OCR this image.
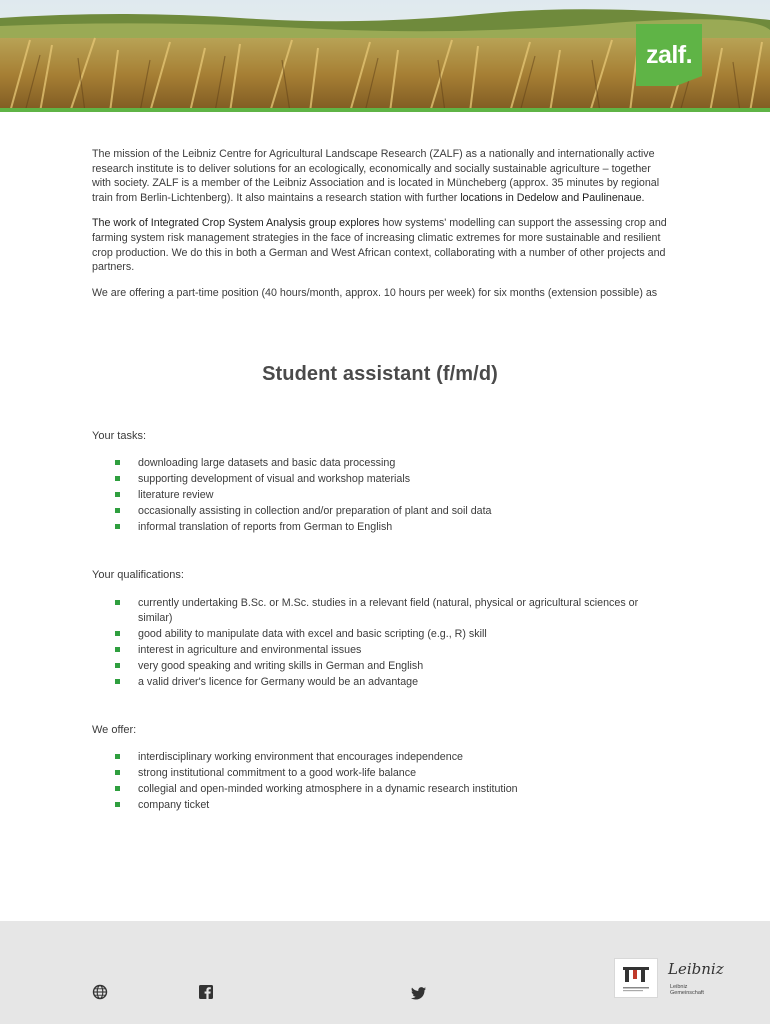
zalf.

The mission of the Leibniz Centre for Agricultural Landscape Research (ZALF) as a nationally and internationally active research institute is to deliver solutions for an ecologically, economically and socially sustainable agriculture – together with society. ZALF is a member of the Leibniz Association and is located in Müncheberg (approx. 35 minutes by regional train from Berlin-Lichtenberg). It also maintains a research station with further locations in Dedelow and Paulinenaue.

The work of Integrated Crop System Analysis group explores how systems' modelling can support the assessing crop and farming system risk management strategies in the face of increasing climatic extremes for more sustainable and resilient crop production. We do this in both a German and West African context, collaborating with a number of other projects and partners.

We are offering a part-time position (40 hours/month, approx. 10 hours per week) for six months (extension possible) as

Student assistant (f/m/d)
Your tasks:
downloading large datasets and basic data processing
supporting development of visual and workshop materials
literature review
occasionally assisting in collection and/or preparation of plant and soil data
informal translation of reports from German to English
Your qualifications:
currently undertaking B.Sc. or M.Sc. studies in a relevant field (natural, physical or agricultural sciences or similar)
good ability to manipulate data with excel and basic scripting (e.g., R) skill
interest in agriculture and environmental issues
very good speaking and writing skills in German and English
a valid driver's licence for Germany would be an advantage
We offer:
interdisciplinary working environment that encourages independence
strong institutional commitment to a good work-life balance
collegial and open-minded working atmosphere in a dynamic research institution
company ticket
Leibniz
Leibniz Gemeinschaft
